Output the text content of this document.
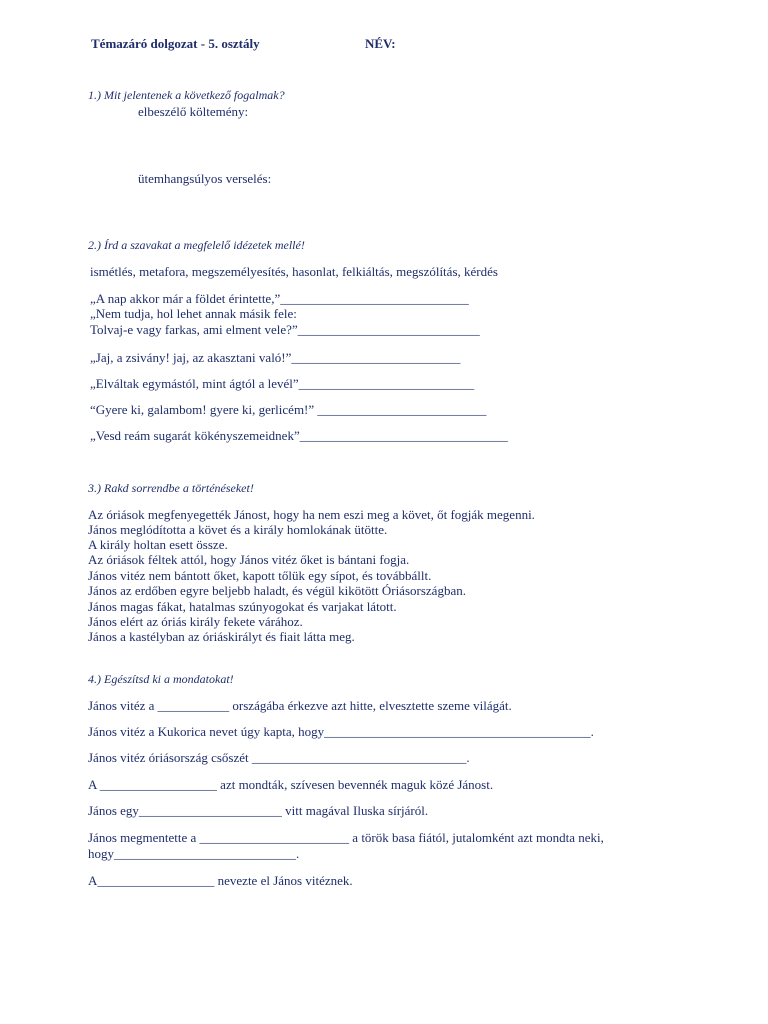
Témazáró dolgozat - 5. osztály	NÉV:
1.) Mit jelentenek a következő fogalmak?
elbeszélő költemény:
ütemhangsúlyos verselés:
2.) Írd a szavakat a megfelelő idézetek mellé!
ismétlés, metafora, megszemélyesítés, hasonlat, felkiáltás, megszólítás, kérdés
„A nap akkor már a földet érintette,”_____________________________
„Nem tudja, hol lehet annak másik fele:
Tolvaj-e vagy farkas, ami elment vele?”____________________________
„Jaj, a zsivány! jaj, az akasztani való!”__________________________
„Elváltak egymástól, mint ágtól a levél”___________________________
“Gyere ki, galambom! gyere ki, gerlicém!” __________________________
„Vesd reám sugarát kökényszemeidnek”________________________________
3.) Rakd sorrendbe a történéseket!
Az óriások megfenyegették Jánost, hogy ha nem eszi meg a követ, őt fogják megenni.
János meglódította a követ és a király homlokának ütötte.
A király holtan esett össze.
Az óriások féltek attól, hogy János vitéz őket is bántani fogja.
János vitéz nem bántott őket, kapott tőlük egy sípot, és továbbállt.
János az erdőben egyre beljebb haladt, és végül kikötött Óriásországban.
János magas fákat, hatalmas szúnyogokat és varjakat látott.
János elért az óriás király fekete várához.
János a kastélyban az óriáskirályt és fiait látta meg.
4.) Egészítsd ki a mondatokat!
János vitéz a ___________ országába érkezve azt hitte, elvesztette szeme világát.
János vitéz a Kukorica nevet úgy kapta, hogy_________________________________________.
János vitéz óriásország csőszét _________________________________.
A __________________ azt mondták, szívesen bevennék maguk közé Jánost.
János egy______________________ vitt magával Iluska sírjáról.
János megmentette a _______________________ a török basa fiától, jutalomként azt mondta neki,
hogy____________________________.
A__________________ nevezte el János vitéznek.
